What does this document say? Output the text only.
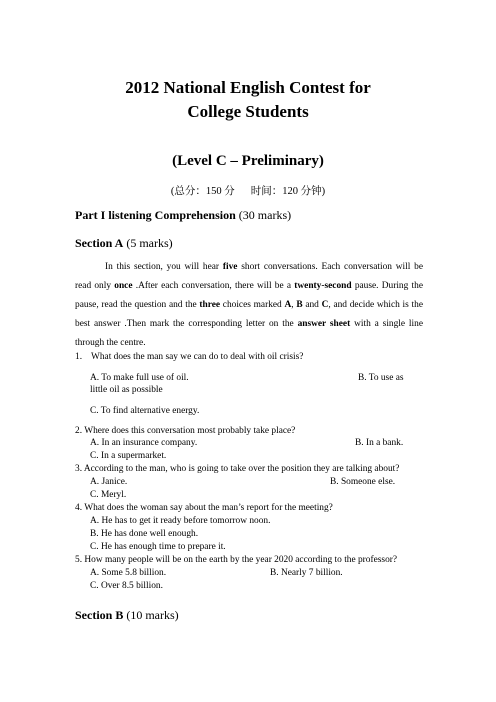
2012 National English Contest for
College Students
(Level C – Preliminary)
(总分：150 分 时间：120 分钟)
Part I listening Comprehension (30 marks)
Section A (5 marks)
In this section, you will hear five short conversations. Each conversation will be read only once .After each conversation, there will be a twenty-second pause. During the pause, read the question and the three choices marked A, B and C, and decide which is the best answer .Then mark the corresponding letter on the answer sheet with a single line through the centre.
1. What does the man say we can do to deal with oil crisis?
A. To make full use of oil.	B. To use as
little oil as possible
C. To find alternative energy.
2. Where does this conversation most probably take place?
A. In an insurance company.	B. In a bank.
C. In a supermarket.
3. According to the man, who is going to take over the position they are talking about?
A. Janice.	B. Someone else.
C. Meryl.
4. What does the woman say about the man’s report for the meeting?
A. He has to get it ready before tomorrow noon.
B. He has done well enough.
C. He has enough time to prepare it.
5. How many people will be on the earth by the year 2020 according to the professor?
A. Some 5.8 billion.	B. Nearly 7 billion.
C. Over 8.5 billion.
Section B (10 marks)
